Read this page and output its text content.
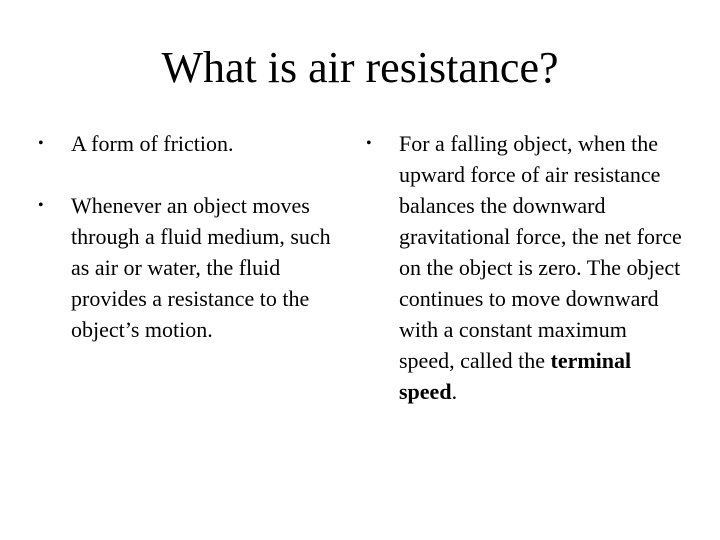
What is air resistance?
• A form of friction.
• Whenever an object moves through a fluid medium, such as air or water, the fluid provides a resistance to the object’s motion.
• For a falling object, when the upward force of air resistance balances the downward gravitational force, the net force on the object is zero. The object continues to move downward with a constant maximum speed, called the terminal speed.
